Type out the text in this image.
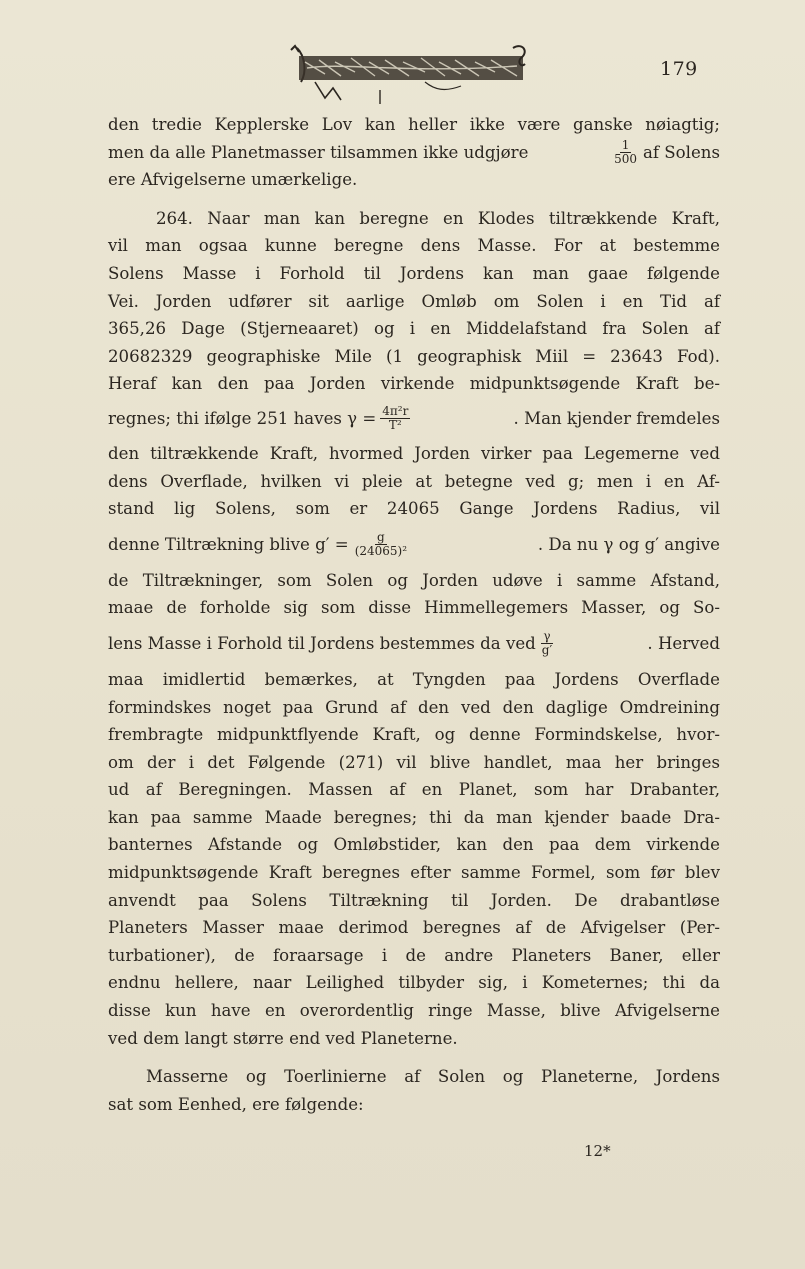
179
den tredie Kepplerske Lov kan heller ikke være ganske nøiagtig;
men da alle Planetmasser tilsammen ikke udgjøre	$\frac{1}{500}$ af Solens
ere Afvigelserne umærkelige.
264. Naar man kan beregne en Klodes tiltrækkende Kraft,
vil man ogsaa kunne beregne dens Masse. For at bestemme
Solens Masse i Forhold til Jordens kan man gaae følgende
Vei. Jorden udfører sit aarlige Omløb om Solen i en Tid af
365,26 Dage (Stjerneaaret) og i en Middelafstand fra Solen af
20682329 geographiske Mile (1 geographisk Miil = 23643 Fod).
Heraf kan den paa Jorden virkende midpunktsøgende Kraft be-
regnes; thi ifølge 251 haves $\gamma = \frac{\text{4π²r}}{\text{T²}}$	. Man kjender fremdeles
den tiltrækkende Kraft, hvormed Jorden virker paa Legemerne ved
dens Overflade, hvilken vi pleie at betegne ved g; men i en Af-
stand lig Solens, som er 24065 Gange Jordens Radius, vil
denne Tiltrækning blive $g' = \frac{g}{\text{(24065)²}}$	. Da nu γ og g′ angive
de Tiltrækninger, som Solen og Jorden udøve i samme Afstand,
maae de forholde sig som disse Himmellegemers Masser, og So-
lens Masse i Forhold til Jordens bestemmes da ved $\frac{\gamma}{g'}$	. Herved
maa imidlertid bemærkes, at Tyngden paa Jordens Overflade
formindskes noget paa Grund af den ved den daglige Omdreining
frembragte midpunktflyende Kraft, og denne Formindskelse, hvor-
om der i det Følgende (271) vil blive handlet, maa her bringes
ud af Beregningen. Massen af en Planet, som har Drabanter,
kan paa samme Maade beregnes; thi da man kjender baade Dra-
banternes Afstande og Omløbstider, kan den paa dem virkende
midpunktsøgende Kraft beregnes efter samme Formel, som før blev
anvendt paa Solens Tiltrækning til Jorden. De drabantløse
Planeters Masser maae derimod beregnes af de Afvigelser (Per-
turbationer), de foraarsage i de andre Planeters Baner, eller
endnu hellere, naar Leilighed tilbyder sig, i Kometernes; thi da
disse kun have en overordentlig ringe Masse, blive Afvigelserne
ved dem langt større end ved Planeterne.
Masserne og Toerlinierne af Solen og Planeterne, Jordens
sat som Eenhed, ere følgende:
12*
